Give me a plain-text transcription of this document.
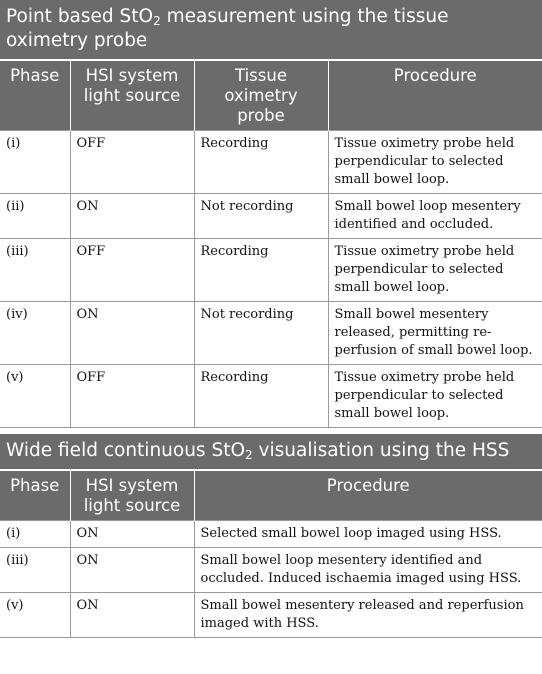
Point based StO$_2$ measurement using the tissue oximetry probe
Phase	HSI system light source	Tissue oximetry probe	Procedure
(i)	OFF	Recording	Tissue oximetry probe held perpendicular to selected small bowel loop.
(ii)	ON	Not recording	Small bowel loop mesentery identified and occluded.
(iii)	OFF	Recording	Tissue oximetry probe held perpendicular to selected small bowel loop.
(iv)	ON	Not recording	Small bowel mesentery released, permitting re-perfusion of small bowel loop.
(v)	OFF	Recording	Tissue oximetry probe held perpendicular to selected small bowel loop.
Wide field continuous StO$_2$ visualisation using the HSS
Phase	HSI system light source	Procedure
(i)	ON	Selected small bowel loop imaged using HSS.
(iii)	ON	Small bowel loop mesentery identified and occluded. Induced ischaemia imaged using HSS.
(v)	ON	Small bowel mesentery released and reperfusion imaged with HSS.
